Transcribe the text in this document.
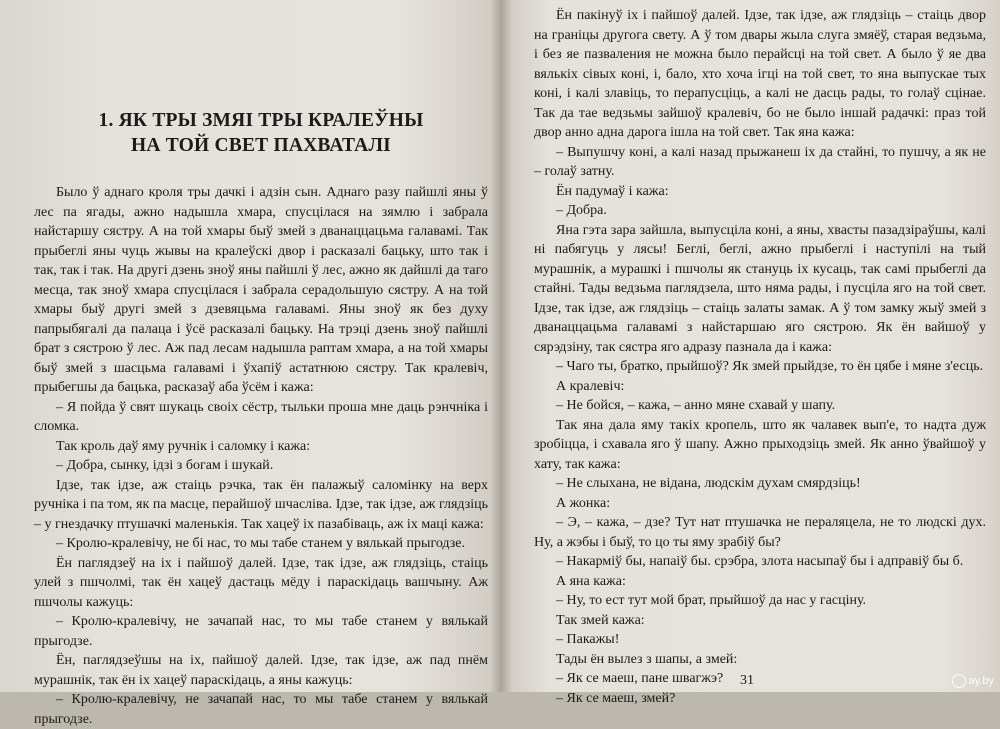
1. ЯК ТРЫ ЗМЯІ ТРЫ КРАЛЕЎНЫ
НА ТОЙ СВЕТ ПАХВАТАЛІ

Было ў аднаго кроля тры дачкі і адзін сын. Аднаго разу пайшлі яны ў лес па ягады, ажно надышла хмара, спусцілася на зямлю і забрала найстаршу сястру. А на той хмары быў змей з дванаццацьма галавамі. Так прыбеглі яны чуць жывы на кралеўскі двор і расказалі бацьку, што так і так, так і так. На другі дзень зноў яны пайшлі ў лес, ажно як дайшлі да таго месца, так зноў хмара спусцілася і забрала серадольшую сястру. А на той хмары быў другі змей з дзевяцьма галавамі. Яны зноў як без духу папрыбягалі да палаца і ўсё расказалі бацьку. На трэці дзень зноў пайшлі брат з сястрою ў лес. Аж пад лесам надышла раптам хмара, а на той хмары быў змей з шасцьма галавамі і ўхапіў астатнюю сястру. Так кралевіч, прыбегшы да бацька, расказаў аба ўсём і кажа:

– Я пойда ў свят шукаць своіх сёстр, тыльки проша мне даць рэнчніка і сломка.

Так кроль даў яму ручнік і саломку і кажа:

– Добра, сынку, ідзі з богам і шукай.

Ідзе, так ідзе, аж стаіць рэчка, так ён палажыў саломінку на верх ручніка і па том, як па масце, перайшоў шчасліва. Ідзе, так ідзе, аж глядзіць – у гнездачку птушачкі маленькія. Так хацеў іх пазабіваць, аж іх маці кажа:

– Кролю-кралевічу, не бі нас, то мы табе станем у вялькай прыгодзе.

Ён паглядзеў на іх і пайшоў далей. Ідзе, так ідзе, аж глядзіць, стаіць улей з пшчолмі, так ён хацеў дастаць мёду і параскідаць вашчыну. Аж пшчолы кажуць:

– Кролю-кралевічу, не зачапай нас, то мы табе станем у вялькай прыгодзе.

Ён, паглядзеўшы на іх, пайшоў далей. Ідзе, так ідзе, аж пад пнём мурашнік, так ён іх хацеў параскідаць, а яны кажуць:

– Кролю-кралевічу, не зачапай нас, то мы табе станем у вялькай прыгодзе.

Ён пакінуў іх і пайшоў далей. Ідзе, так ідзе, аж глядзіць – стаіць двор на граніцы другога свету. А ў том двары жыла слуга змяёў, старая ведзьма, і без яе пазваления не можна было перайсці на той свет. А было ў яе два вялькіх сівых коні, і, бало, хто хоча ігці на той свет, то яна выпускае тых коні, і калі злавіць, то перапусціць, а калі не дасць рады, то голаў сцінае. Так да тае ведзьмы зайшоў кралевіч, бо не было іншай радачкі: праз той двор анно адна дарога ішла на той свет. Так яна кажа:

– Выпушчу коні, а калі назад прыжанеш іх да стайні, то пушчу, а як не – голаў затну.

Ён падумаў і кажа:

– Добра.

Яна гэта зара зайшла, выпусціла коні, а яны, хвасты пазадзіраўшы, калі ні пабягуць у лясы! Беглі, беглі, ажно прыбеглі і наступілі на тый мурашнік, а мурашкі і пшчолы як стануць іх кусаць, так самі прыбеглі да стайні. Тады ведзьма паглядзела, што няма рады, і пусціла яго на той свет. Ідзе, так ідзе, аж глядзіць – стаіць залаты замак. А ў том замку жыў змей з дванаццацьма галавамі з найстаршаю яго сястрою. Як ён вайшоў у сярэдзіну, так сястра яго адразу пазнала да і кажа:

– Чаго ты, братко, прыйшоў? Як змей прыйдзе, то ён цябе і мяне з'есць.

А кралевіч:

– Не бойся, – кажа, – анно мяне схавай у шапу.

Так яна дала яму такіх кропель, што як чалавек вып'е, то надта дуж зробіцца, і схавала яго ў шапу. Ажно прыходзіць змей. Як анно ўвайшоў у хату, так кажа:

– Не слыхана, не відана, людскім духам смярдзіць!

А жонка:

– Э, – кажа, – дзе? Тут нат птушачка не пераляцела, не то людскі дух. Ну, а жэбы і быў, то цо ты яму зрабіў бы?

– Накарміў бы, напаіў бы. срэбра, злота насыпаў бы і адправіў бы б.

А яна кажа:

– Ну, то ест тут мой брат, прыйшоў да нас у гасціну.

Так змей кажа:

– Пакажы!

Тады ён вылез з шапы, а змей:

– Як се маеш, пане швагжэ?

– Як се маеш, змей?

31	ay.by
